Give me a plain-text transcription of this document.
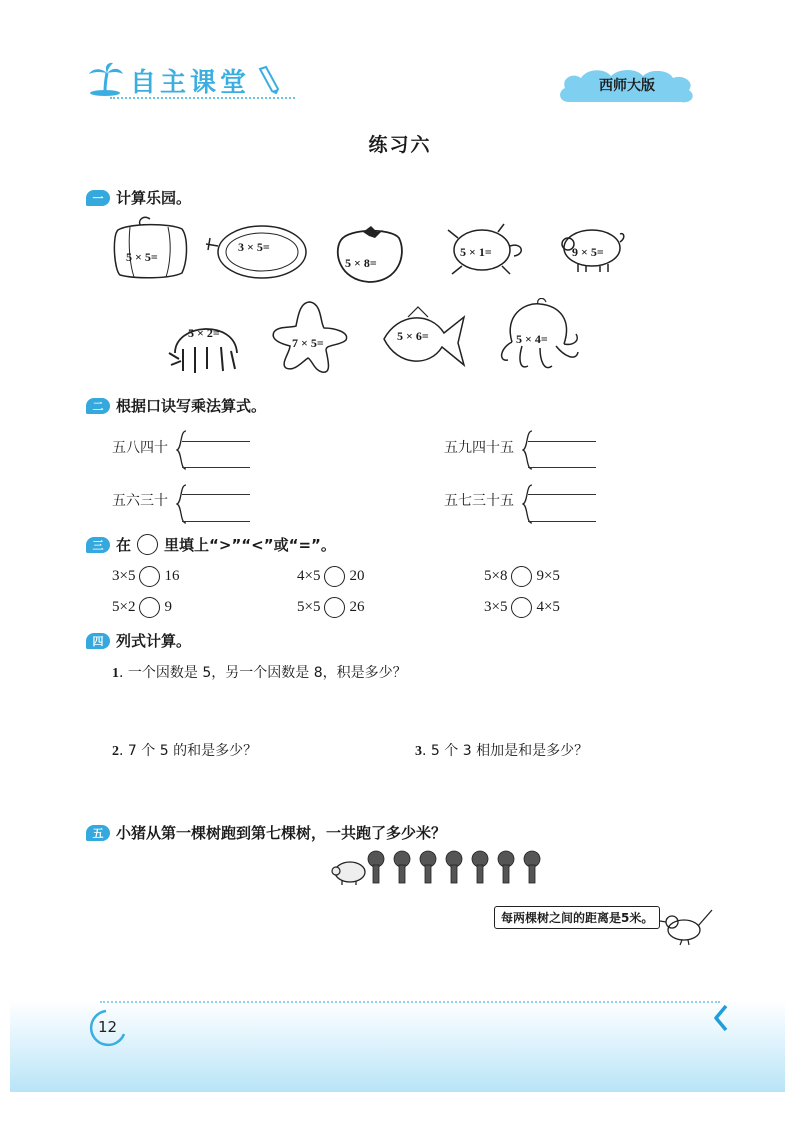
自主课堂	西师大版
练习六
一 计算乐园。
5 × 5=
3 × 5=
5 × 8=
5 × 1=	9 × 5=
5 × 2=
7 × 5=	5 × 6=	5 × 4=
二 根据口诀写乘法算式。
五八四十	五九四十五
五六三十	五七三十五
三 在 里填上“>”“<”或“=”。
3×5 16	4×5 20	5×8 9×5
5×2 9	5×5 26	3×5 4×5
四 列式计算。
1. 一个因数是 5，另一个因数是 8，积是多少？
2. 7 个 5 的和是多少？	3. 5 个 3 相加是和是多少？
五 小猪从第一棵树跑到第七棵树，一共跑了多少米？
每两棵树之间的距离是5米。
12
